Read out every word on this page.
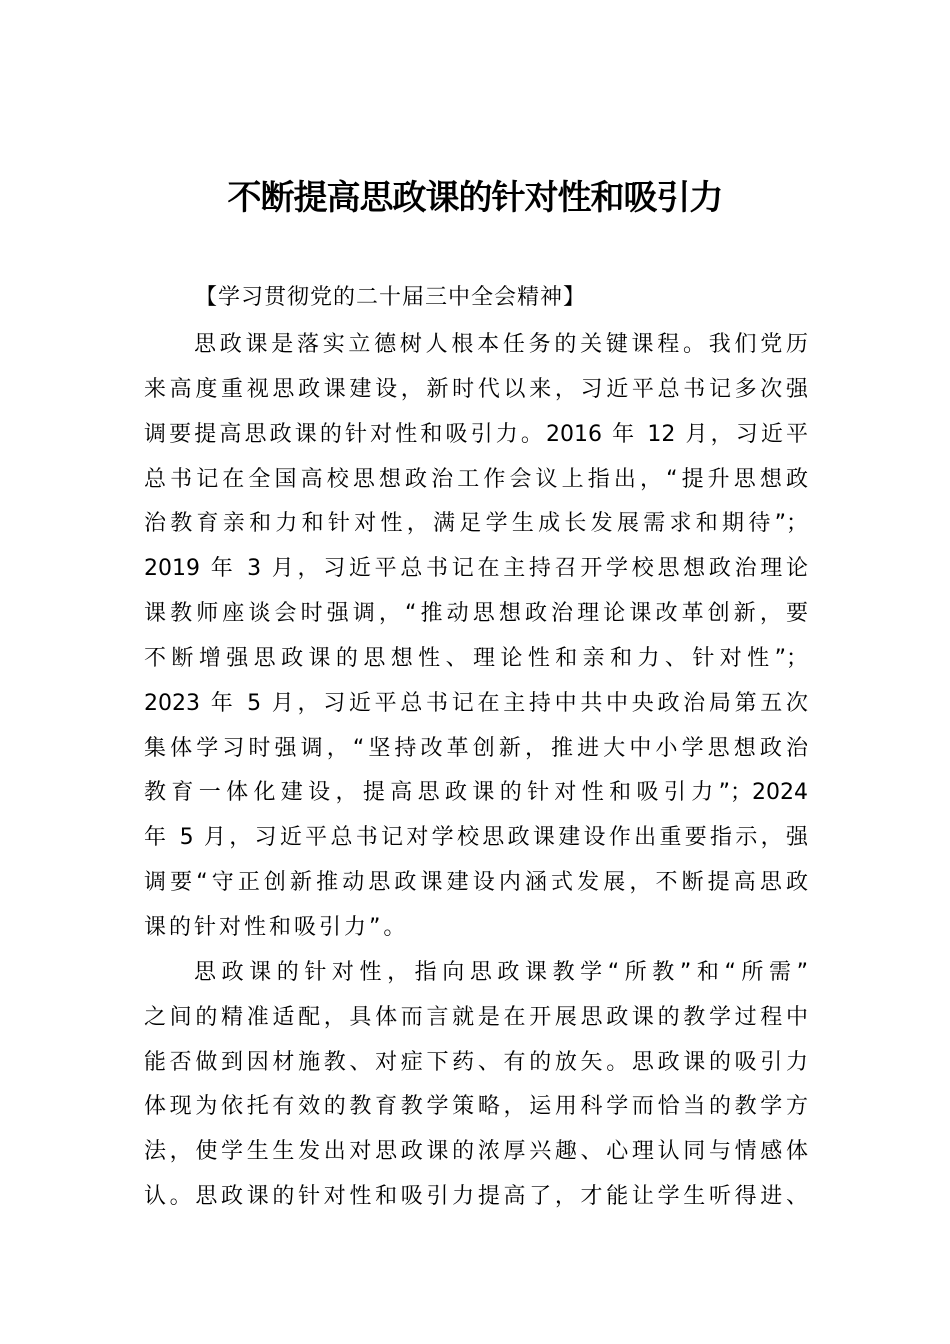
不断提高思政课的针对性和吸引力

【学习贯彻党的二十届三中全会精神】

思政课是落实立德树人根本任务的关键课程。我们党历
来高度重视思政课建设，新时代以来，习近平总书记多次强
调要提高思政课的针对性和吸引力。2016 年 12 月，习近平
总书记在全国高校思想政治工作会议上指出，“提升思想政
治教育亲和力和针对性，满足学生成长发展需求和期待”；
2019 年 3 月，习近平总书记在主持召开学校思想政治理论
课教师座谈会时强调，“推动思想政治理论课改革创新，要
不断增强思政课的思想性、理论性和亲和力、针对性”；
2023 年 5 月，习近平总书记在主持中共中央政治局第五次
集体学习时强调，“坚持改革创新，推进大中小学思想政治
教育一体化建设，提高思政课的针对性和吸引力”；2024
年 5 月，习近平总书记对学校思政课建设作出重要指示，强
调要“守正创新推动思政课建设内涵式发展，不断提高思政
课的针对性和吸引力”。
思政课的针对性，指向思政课教学“所教”和“所需”
之间的精准适配，具体而言就是在开展思政课的教学过程中
能否做到因材施教、对症下药、有的放矢。思政课的吸引力
体现为依托有效的教育教学策略，运用科学而恰当的教学方
法，使学生生发出对思政课的浓厚兴趣、心理认同与情感体
认。思政课的针对性和吸引力提高了，才能让学生听得进、
